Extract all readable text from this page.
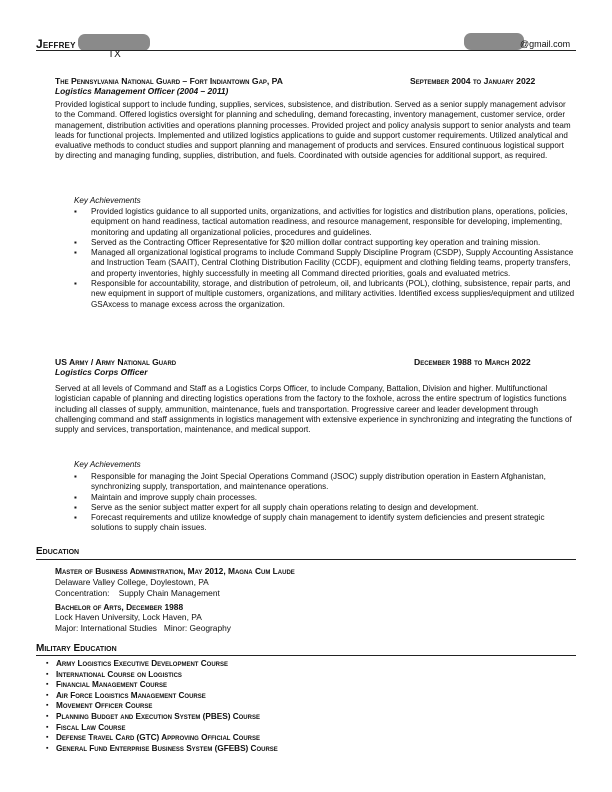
Jeffrey
TX
@gmail.com
The Pennsylvania National Guard – Fort Indiantown Gap, PA	September 2004 to January 2022
Logistics Management Officer (2004 – 2011)
Provided logistical support to include funding, supplies, services, subsistence, and distribution. Served as a senior supply management advisor to the Command. Offered logistics oversight for planning and scheduling, demand forecasting, inventory management, customer service, order management, distribution activities and operations planning processes. Provided project and policy analysis support to senior analysts and team leads for functional projects. Implemented and utilized logistics applications to guide and support customer requirements. Utilized analytical and evaluative methods to conduct studies and support planning and management of products and services. Ensured continuous logistical support by directing and managing funding, supplies, distribution, and fuels. Coordinated with outside agencies for additional support, as required.
Key Achievements
▪ Provided logistics guidance to all supported units, organizations, and activities for logistics and distribution plans, operations, policies, equipment on hand readiness, tactical automation readiness, and resource management, responsible for developing, implementing, monitoring and updating all organizational policies, procedures and guidelines.
▪ Served as the Contracting Officer Representative for $20 million dollar contract supporting key operation and training mission.
▪ Managed all organizational logistical programs to include Command Supply Discipline Program (CSDP), Supply Accounting Assistance and Instruction Team (SAAIT), Central Clothing Distribution Facility (CCDF), equipment and clothing fielding teams, property transfers, and property inventories, highly successfully in meeting all Command directed priorities, goals and evaluated metrics.
▪ Responsible for accountability, storage, and distribution of petroleum, oil, and lubricants (POL), clothing, subsistence, repair parts, and new equipment in support of multiple customers, organizations, and military activities. Identified excess supplies/equipment and utilized GSAxcess to manage excess across the organization.
US Army / Army National Guard	December 1988 to March 2022
Logistics Corps Officer
Served at all levels of Command and Staff as a Logistics Corps Officer, to include Company, Battalion, Division and higher. Multifunctional logistician capable of planning and directing logistics operations from the factory to the foxhole, across the entire spectrum of logistics functions including all classes of supply, ammunition, maintenance, fuels and transportation. Progressive career and leader development through challenging command and staff assignments in logistics management with extensive experience in synchronizing and integrating the functions of supply and services, transportation, maintenance, and medical support.
Key Achievements
▪ Responsible for managing the Joint Special Operations Command (JSOC) supply distribution operation in Eastern Afghanistan, synchronizing supply, transportation, and maintenance operations.
▪ Maintain and improve supply chain processes.
▪ Serve as the senior subject matter expert for all supply chain operations relating to design and development.
▪ Forecast requirements and utilize knowledge of supply chain management to identify system deficiencies and present strategic solutions to supply chain issues.
Education
Master of Business Administration, May 2012, Magna Cum Laude
Delaware Valley College, Doylestown, PA
Concentration:    Supply Chain Management
Bachelor of Arts, December 1988
Lock Haven University, Lock Haven, PA
Major: International Studies   Minor: Geography
Military Education
▪ Army Logistics Executive Development Course
▪ International Course on Logistics
▪ Financial Management Course
▪ Air Force Logistics Management Course
▪ Movement Officer Course
▪ Planning Budget and Execution System (PBES) Course
▪ Fiscal Law Course
▪ Defense Travel Card (GTC) Approving Official Course
▪ General Fund Enterprise Business System (GFEBS) Course
